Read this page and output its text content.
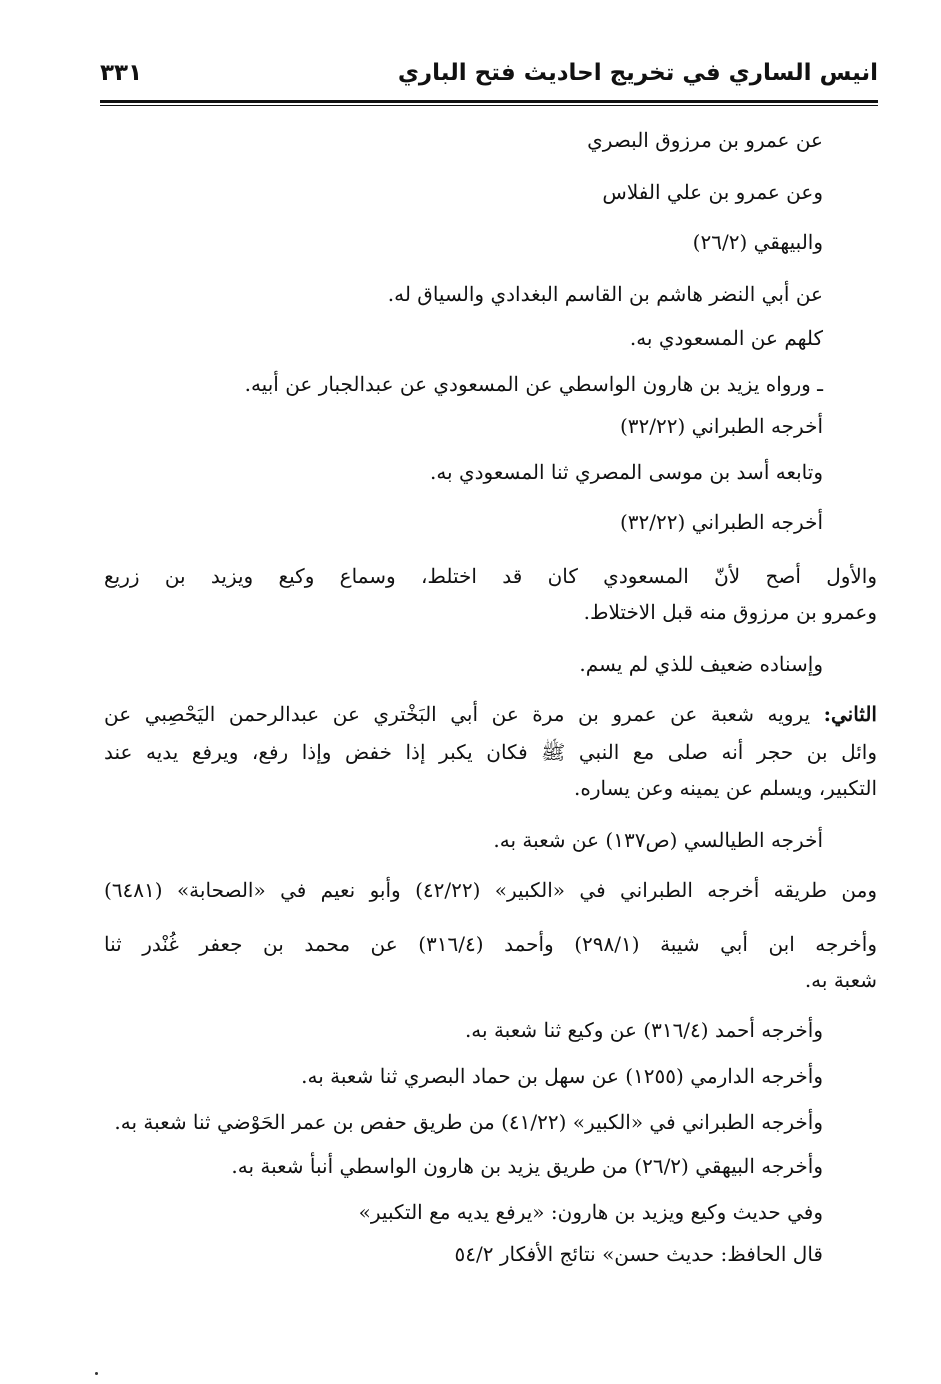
انيس الساري في تخريج احاديث فتح الباري
٣٣١
عن عمرو بن مرزوق البصري
وعن عمرو بن علي الفلاس
والبيهقي (٢٦/٢)
عن أبي النضر هاشم بن القاسم البغدادي والسياق له.
كلهم عن المسعودي به.
ـ ورواه يزيد بن هارون الواسطي عن المسعودي عن عبدالجبار عن أبيه.
أخرجه الطبراني (٣٢/٢٢)
وتابعه أسد بن موسى المصري ثنا المسعودي به.
أخرجه الطبراني (٣٢/٢٢)
والأول أصح لأنّ المسعودي كان قد اختلط، وسماع وكيع ويزيد بن زريع
وعمرو بن مرزوق منه قبل الاختلاط.
وإسناده ضعيف للذي لم يسم.
الثاني: يرويه شعبة عن عمرو بن مرة عن أبي البَخْتري عن عبدالرحمن اليَحْصِبي عن
وائل بن حجر أنه صلى مع النبي ﷺ فكان يكبر إذا خفض وإذا رفع، ويرفع يديه عند
التكبير، ويسلم عن يمينه وعن يساره.
أخرجه الطيالسي (ص١٣٧) عن شعبة به.
ومن طريقه أخرجه الطبراني في «الكبير» (٤٢/٢٢) وأبو نعيم في «الصحابة» (٦٤٨١)
وأخرجه ابن أبي شيبة (٢٩٨/١) وأحمد (٣١٦/٤) عن محمد بن جعفر غُنْدر ثنا
شعبة به.
وأخرجه أحمد (٣١٦/٤) عن وكيع ثنا شعبة به.
وأخرجه الدارمي (١٢٥٥) عن سهل بن حماد البصري ثنا شعبة به.
وأخرجه الطبراني في «الكبير» (٤١/٢٢) من طريق حفص بن عمر الحَوْضي ثنا شعبة به.
وأخرجه البيهقي (٢٦/٢) من طريق يزيد بن هارون الواسطي أنبأ شعبة به.
وفي حديث وكيع ويزيد بن هارون: «يرفع يديه مع التكبير»
قال الحافظ: حديث حسن» نتائج الأفكار ٥٤/٢
